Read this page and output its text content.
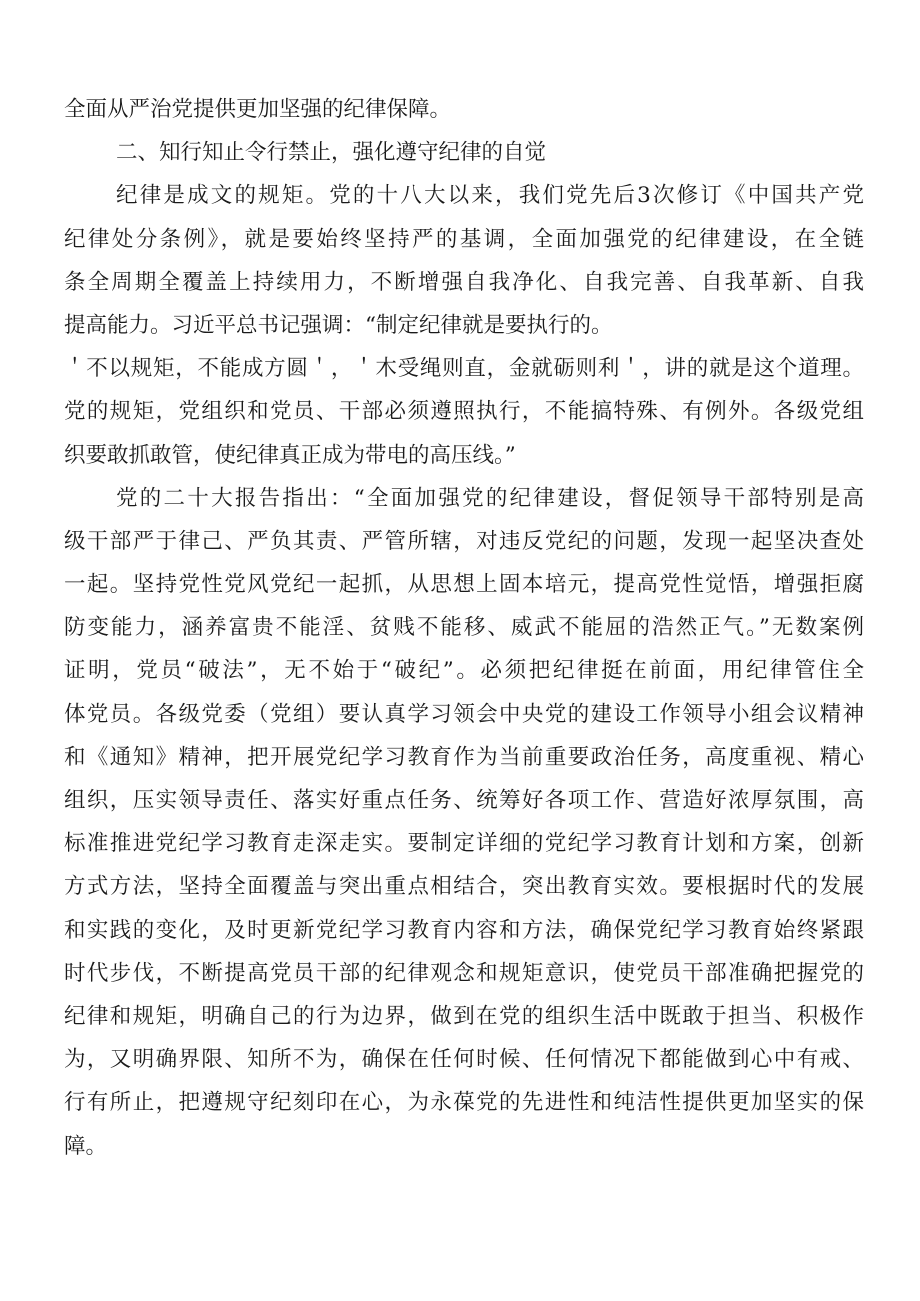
全面从严治党提供更加坚强的纪律保障。
二、知行知止令行禁止，强化遵守纪律的自觉
纪律是成文的规矩。党的十八大以来，我们党先后3次修订《中国共产党
纪律处分条例》，就是要始终坚持严的基调，全面加强党的纪律建设，在全链
条全周期全覆盖上持续用力，不断增强自我净化、自我完善、自我革新、自我
提高能力。习近平总书记强调：“制定纪律就是要执行的。
＇不以规矩，不能成方圆＇，＇木受绳则直，金就砺则利＇，讲的就是这个道理。
党的规矩，党组织和党员、干部必须遵照执行，不能搞特殊、有例外。各级党组
织要敢抓敢管，使纪律真正成为带电的高压线。”
党的二十大报告指出：“全面加强党的纪律建设，督促领导干部特别是高
级干部严于律己、严负其责、严管所辖，对违反党纪的问题，发现一起坚决查处
一起。坚持党性党风党纪一起抓，从思想上固本培元，提高党性觉悟，增强拒腐
防变能力，涵养富贵不能淫、贫贱不能移、威武不能屈的浩然正气。”无数案例
证明，党员“破法”，无不始于“破纪”。必须把纪律挺在前面，用纪律管住全
体党员。各级党委（党组）要认真学习领会中央党的建设工作领导小组会议精神
和《通知》精神，把开展党纪学习教育作为当前重要政治任务，高度重视、精心
组织，压实领导责任、落实好重点任务、统筹好各项工作、营造好浓厚氛围，高
标准推进党纪学习教育走深走实。要制定详细的党纪学习教育计划和方案，创新
方式方法，坚持全面覆盖与突出重点相结合，突出教育实效。要根据时代的发展
和实践的变化，及时更新党纪学习教育内容和方法，确保党纪学习教育始终紧跟
时代步伐，不断提高党员干部的纪律观念和规矩意识，使党员干部准确把握党的
纪律和规矩，明确自己的行为边界，做到在党的组织生活中既敢于担当、积极作
为，又明确界限、知所不为，确保在任何时候、任何情况下都能做到心中有戒、
行有所止，把遵规守纪刻印在心，为永葆党的先进性和纯洁性提供更加坚实的保
障。
